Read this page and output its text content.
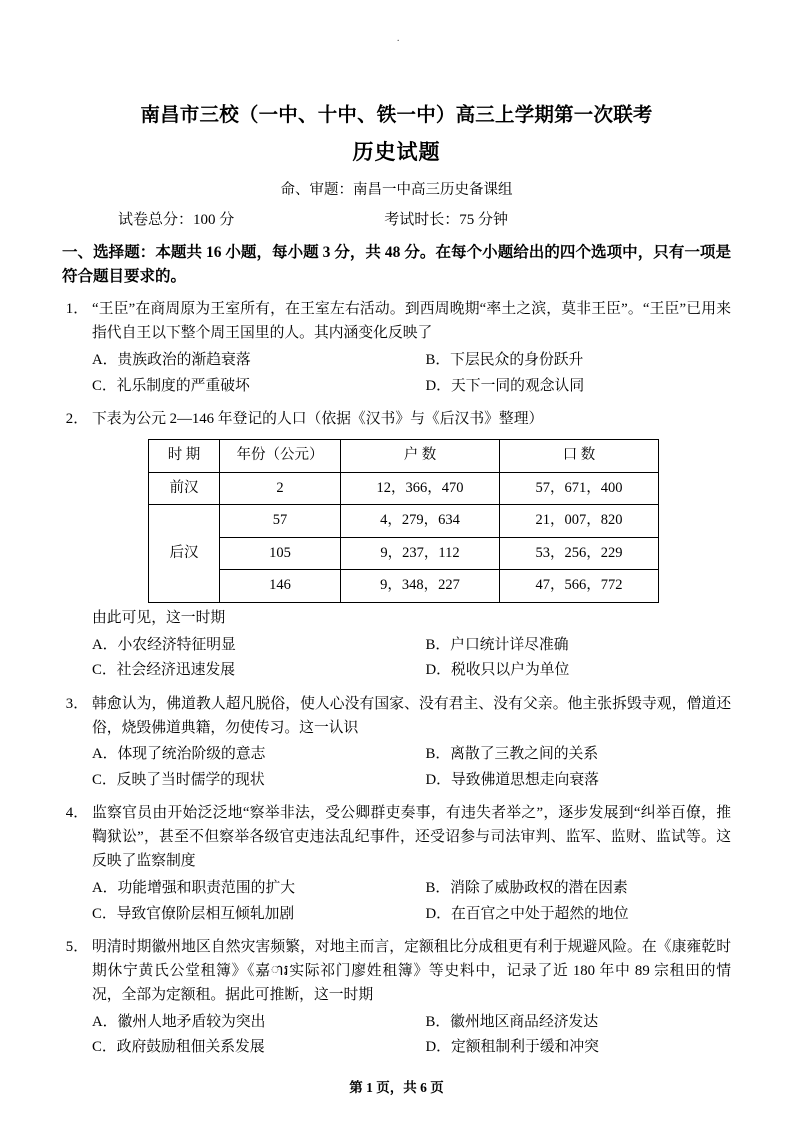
·
南昌市三校（一中、十中、铁一中）高三上学期第一次联考
历史试题
命、审题：南昌一中高三历史备课组
试卷总分：100 分	考试时长：75 分钟
一、选择题：本题共 16 小题，每小题 3 分，共 48 分。在每个小题给出的四个选项中，只有一项是符合题目要求的。
1． “王臣”在商周原为王室所有，在王室左右活动。到西周晚期“率土之滨，莫非王臣”。“王臣”已用来指代自王以下整个周王国里的人。其内涵变化反映了
A．贵族政治的渐趋衰落	B．下层民众的身份跃升
C．礼乐制度的严重破坏	D．天下一同的观念认同
2． 下表为公元 2—146 年登记的人口（依据《汉书》与《后汉书》整理）
时 期	年份（公元）	户 数	口 数
前汉	2	12，366，470	57，671，400
后汉	57	4，279，634	21，007，820
	105	9，237，112	53，256，229
	146	9，348，227	47，566，772
由此可见，这一时期
A．小农经济特征明显	B．户口统计详尽准确
C．社会经济迅速发展	D．税收只以户为单位
3． 韩愈认为，佛道教人超凡脱俗，使人心没有国家、没有君主、没有父亲。他主张拆毁寺观，僧道还俗，烧毁佛道典籍，勿使传习。这一认识
A．体现了统治阶级的意志	B．离散了三教之间的关系
C．反映了当时儒学的现状	D．导致佛道思想走向衰落
4． 监察官员由开始泛泛地“察举非法，受公卿群吏奏事，有违失者举之”，逐步发展到“纠举百僚，推鞫狱讼”，甚至不但察举各级官吏违法乱纪事件，还受诏参与司法审判、监军、监财、监试等。这反映了监察制度
A．功能增强和职责范围的扩大	B．消除了威胁政权的潜在因素
C．导致官僚阶层相互倾轧加剧	D．在百官之中处于超然的地位
5． 明清时期徽州地区自然灾害频繁，对地主而言，定额租比分成租更有利于规避风险。在《康雍乾时期休宁黄氏公堂租簿》《嘉ារ实际祁门廖姓租簿》等史料中，记录了近 180 年中 89 宗租田的情况，全部为定额租。据此可推断，这一时期
A．徽州人地矛盾较为突出	B．徽州地区商品经济发达
C．政府鼓励租佃关系发展	D．定额租制利于缓和冲突
第 1 页，共 6 页
